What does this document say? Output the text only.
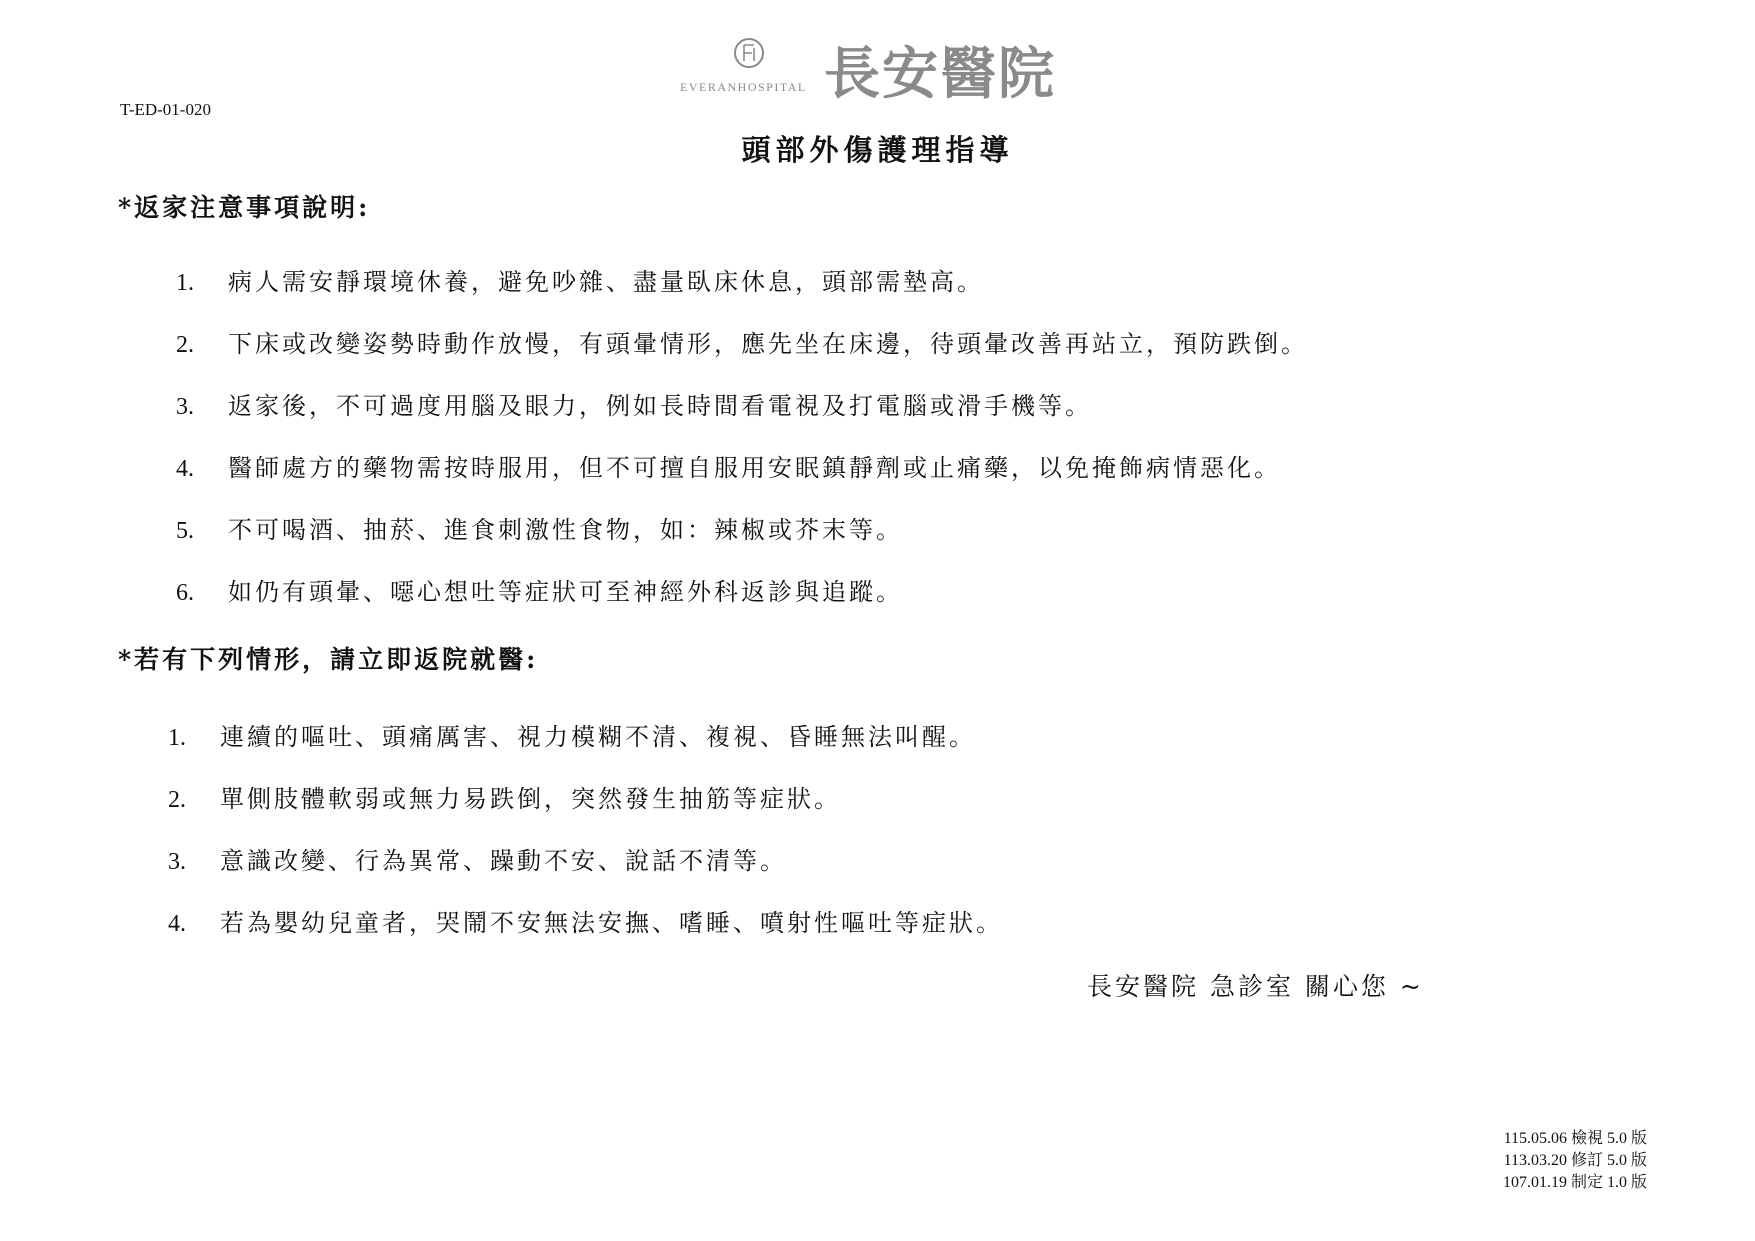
EVERANHOSPITAL 長安醫院
T-ED-01-020
頭部外傷護理指導
*返家注意事項說明:
1.	病人需安靜環境休養，避免吵雜、盡量臥床休息，頭部需墊高。
2.	下床或改變姿勢時動作放慢，有頭暈情形，應先坐在床邊，待頭暈改善再站立，預防跌倒。
3.	返家後，不可過度用腦及眼力，例如長時間看電視及打電腦或滑手機等。
4.	醫師處方的藥物需按時服用，但不可擅自服用安眠鎮靜劑或止痛藥，以免掩飾病情惡化。
5.	不可喝酒、抽菸、進食刺激性食物，如：辣椒或芥末等。
6.	如仍有頭暈、噁心想吐等症狀可至神經外科返診與追蹤。
*若有下列情形，請立即返院就醫:
1.	連續的嘔吐、頭痛厲害、視力模糊不清、複視、昏睡無法叫醒。
2.	單側肢體軟弱或無力易跌倒，突然發生抽筋等症狀。
3.	意識改變、行為異常、躁動不安、說話不清等。
4.	若為嬰幼兒童者，哭鬧不安無法安撫、嗜睡、噴射性嘔吐等症狀。
長安醫院 急診室 關心您 ~
115.05.06 檢視 5.0 版
113.03.20 修訂 5.0 版
107.01.19 制定 1.0 版
